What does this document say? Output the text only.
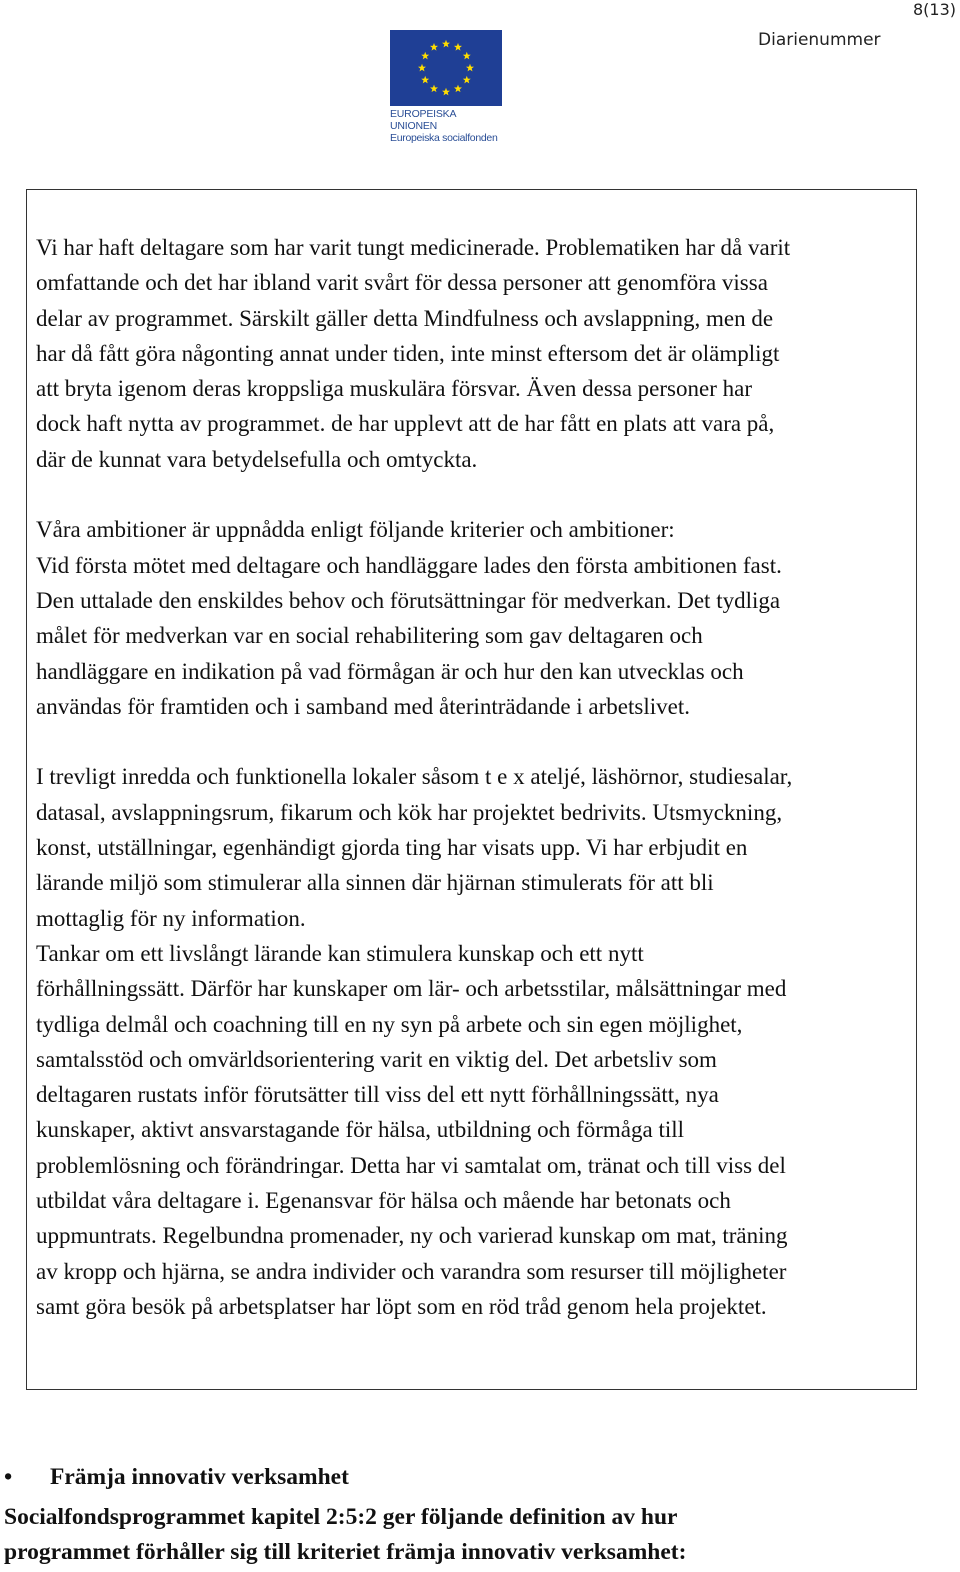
8(13)
Diarienummer
EUROPEISKA UNIONEN
Europeiska socialfonden

Vi har haft deltagare som har varit tungt medicinerade. Problematiken har då varit
omfattande och det har ibland varit svårt för dessa personer att genomföra vissa
delar av programmet. Särskilt gäller detta Mindfulness och avslappning, men de
har då fått göra någonting annat under tiden, inte minst eftersom det är olämpligt
att bryta igenom deras kroppsliga muskulära försvar. Även dessa personer har
dock haft nytta av programmet. de har upplevt att de har fått en plats att vara på,
där de kunnat vara betydelsefulla och omtyckta.

Våra ambitioner är uppnådda enligt följande kriterier och ambitioner:
Vid första mötet med deltagare och handläggare lades den första ambitionen fast.
Den uttalade den enskildes behov och förutsättningar för medverkan. Det tydliga
målet för medverkan var en social rehabilitering som gav deltagaren och
handläggare en indikation på vad förmågan är och hur den kan utvecklas och
användas för framtiden och i samband med återinträdande i arbetslivet.

I trevligt inredda och funktionella lokaler såsom t e x ateljé, läshörnor, studiesalar,
datasal, avslappningsrum, fikarum och kök har projektet bedrivits. Utsmyckning,
konst, utställningar, egenhändigt gjorda ting har visats upp. Vi har erbjudit en
lärande miljö som stimulerar alla sinnen där hjärnan stimulerats för att bli
mottaglig för ny information.
Tankar om ett livslångt lärande kan stimulera kunskap och ett nytt
förhållningssätt. Därför har kunskaper om lär- och arbetsstilar, målsättningar med
tydliga delmål och coachning till en ny syn på arbete och sin egen möjlighet,
samtalsstöd och omvärldsorientering varit en viktig del. Det arbetsliv som
deltagaren rustats inför förutsätter till viss del ett nytt förhållningssätt, nya
kunskaper, aktivt ansvarstagande för hälsa, utbildning och förmåga till
problemlösning och förändringar. Detta har vi samtalat om, tränat och till viss del
utbildat våra deltagare i. Egenansvar för hälsa och mående har betonats och
uppmuntrats. Regelbundna promenader, ny och varierad kunskap om mat, träning
av kropp och hjärna, se andra individer och varandra som resurser till möjligheter
samt göra besök på arbetsplatser har löpt som en röd tråd genom hela projektet.

• Främja innovativ verksamhet
Socialfondsprogrammet kapitel 2:5:2 ger följande definition av hur
programmet förhåller sig till kriteriet främja innovativ verksamhet:
